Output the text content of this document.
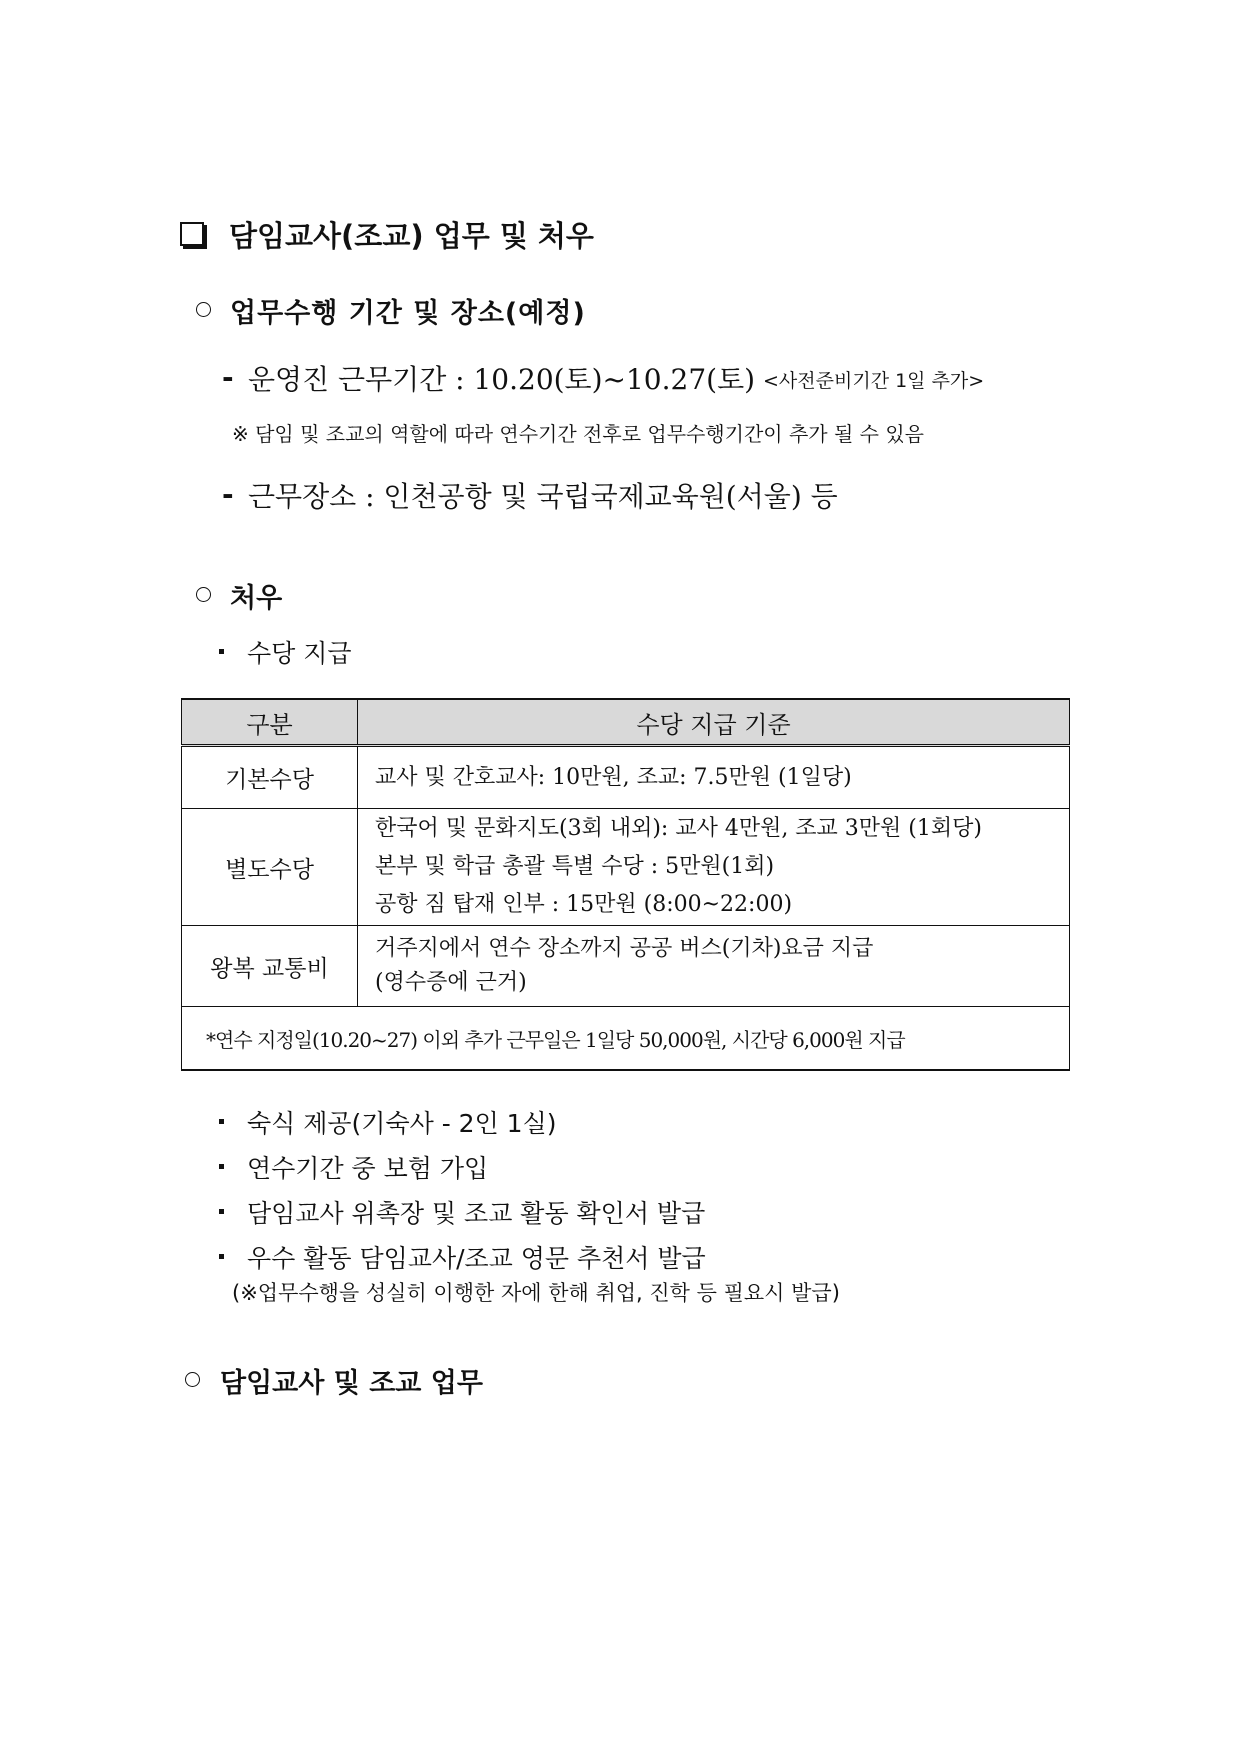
담임교사(조교) 업무 및 처우
업무수행 기간 및 장소(예정)
- 운영진 근무기간 : 10.20(토)~10.27(토) <사전준비기간 1일 추가>
※ 담임 및 조교의 역할에 따라 연수기간 전후로 업무수행기간이 추가 될 수 있음
- 근무장소 : 인천공항 및 국립국제교육원(서울) 등
처우
수당 지급
구분	수당 지급 기준
기본수당	교사 및 간호교사: 10만원, 조교: 7.5만원 (1일당)

별도수당	한국어 및 문화지도(3회 내외): 교사 4만원, 조교 3만원 (1회당)
본부 및 학급 총괄 특별 수당 : 5만원(1회)
공항 짐 탑재 인부 : 15만원 (8:00~22:00)

왕복 교통비	거주지에서 연수 장소까지 공공 버스(기차)요금 지급
(영수증에 근거)

*연수 지정일(10.20~27) 이외 추가 근무일은 1일당 50,000원, 시간당 6,000원 지급	
숙식 제공(기숙사 - 2인 1실)
연수기간 중 보험 가입
담임교사 위촉장 및 조교 활동 확인서 발급
우수 활동 담임교사/조교 영문 추천서 발급
(※업무수행을 성실히 이행한 자에 한해 취업, 진학 등 필요시 발급)
담임교사 및 조교 업무
